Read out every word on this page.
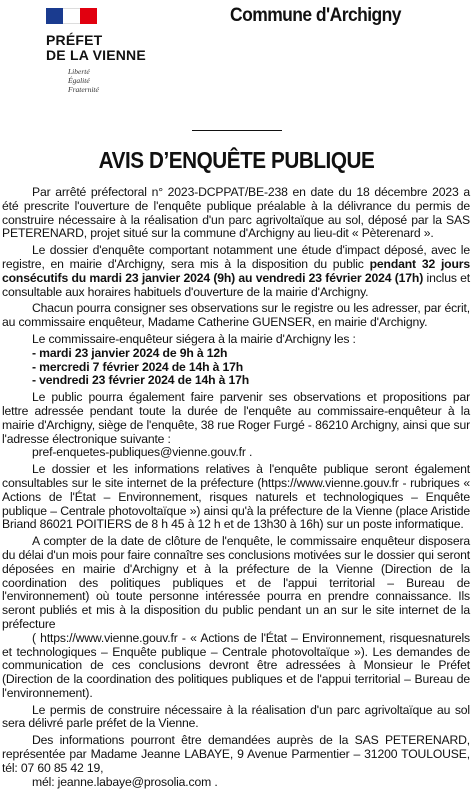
PRÉFET
DE LA VIENNE
Liberté
Égalité
Fraternité
Commune d'Archigny
AVIS D’ENQUÊTE PUBLIQUE

Par arrêté préfectoral n° 2023-DCPPAT/BE-238 en date du 18 décembre 2023 a été prescrite l'ouverture de l'enquête publique préalable à la délivrance du permis de construire nécessaire à la réalisation d'un parc agrivoltaïque au sol, déposé par la SAS PETERENARD, projet situé sur la commune d'Archigny au lieu-dit « Pèterenard ».

Le dossier d'enquête comportant notamment une étude d'impact déposé, avec le registre, en mairie d'Archigny, sera mis à la disposition du public pendant 32 jours consécutifs du mardi 23 janvier 2024 (9h) au vendredi 23 février 2024 (17h) inclus et consultable aux horaires habituels d'ouverture de la mairie d'Archigny.

Chacun pourra consigner ses observations sur le registre ou les adresser, par écrit, au commissaire enquêteur, Madame Catherine GUENSER, en mairie d'Archigny.

Le commissaire-enquêteur siégera à la mairie d'Archigny les :

- mardi 23 janvier 2024 de 9h à 12h

- mercredi 7 février 2024 de 14h à 17h

- vendredi 23 février 2024 de 14h à 17h

Le public pourra également faire parvenir ses observations et propositions par lettre adressée pendant toute la durée de l'enquête au commissaire-enquêteur à la mairie d'Archigny, siège de l'enquête, 38 rue Roger Furgé - 86210 Archigny, ainsi que sur l'adresse électronique suivante :

pref-enquetes-publiques@vienne.gouv.fr .

Le dossier et les informations relatives à l'enquête publique seront également consultables sur le site internet de la préfecture (https://www.vienne.gouv.fr - rubriques « Actions de l'État – Environnement, risques naturels et technologiques – Enquête publique – Centrale photovoltaïque ») ainsi qu'à la préfecture de la Vienne (place Aristide Briand 86021 POITIERS de 8 h 45 à 12 h et de 13h30 à 16h) sur un poste informatique.

A compter de la date de clôture de l'enquête, le commissaire enquêteur disposera du délai d'un mois pour faire connaître ses conclusions motivées sur le dossier qui seront déposées en mairie d'Archigny et à la préfecture de la Vienne (Direction de la coordination des politiques publiques et de l'appui territorial – Bureau de l'environnement) où toute personne intéressée pourra en prendre connaissance. Ils seront publiés et mis à la disposition du public pendant un an sur le site internet de la préfecture

( https://www.vienne.gouv.fr - « Actions de l'État – Environnement, risquesnaturels et technologiques – Enquête publique – Centrale photovoltaïque »). Les demandes de communication de ces conclusions devront être adressées à Monsieur le Préfet (Direction de la coordination des politiques publiques et de l'appui territorial – Bureau de l'environnement).

Le permis de construire nécessaire à la réalisation d'un parc agrivoltaïque au sol sera délivré parle préfet de la Vienne.

Des informations pourront être demandées auprès de la SAS PETERENARD, représentée par Madame Jeanne LABAYE, 9 Avenue Parmentier – 31200 TOULOUSE, tél: 07 60 85 42 19,

mél: jeanne.labaye@prosolia.com .
